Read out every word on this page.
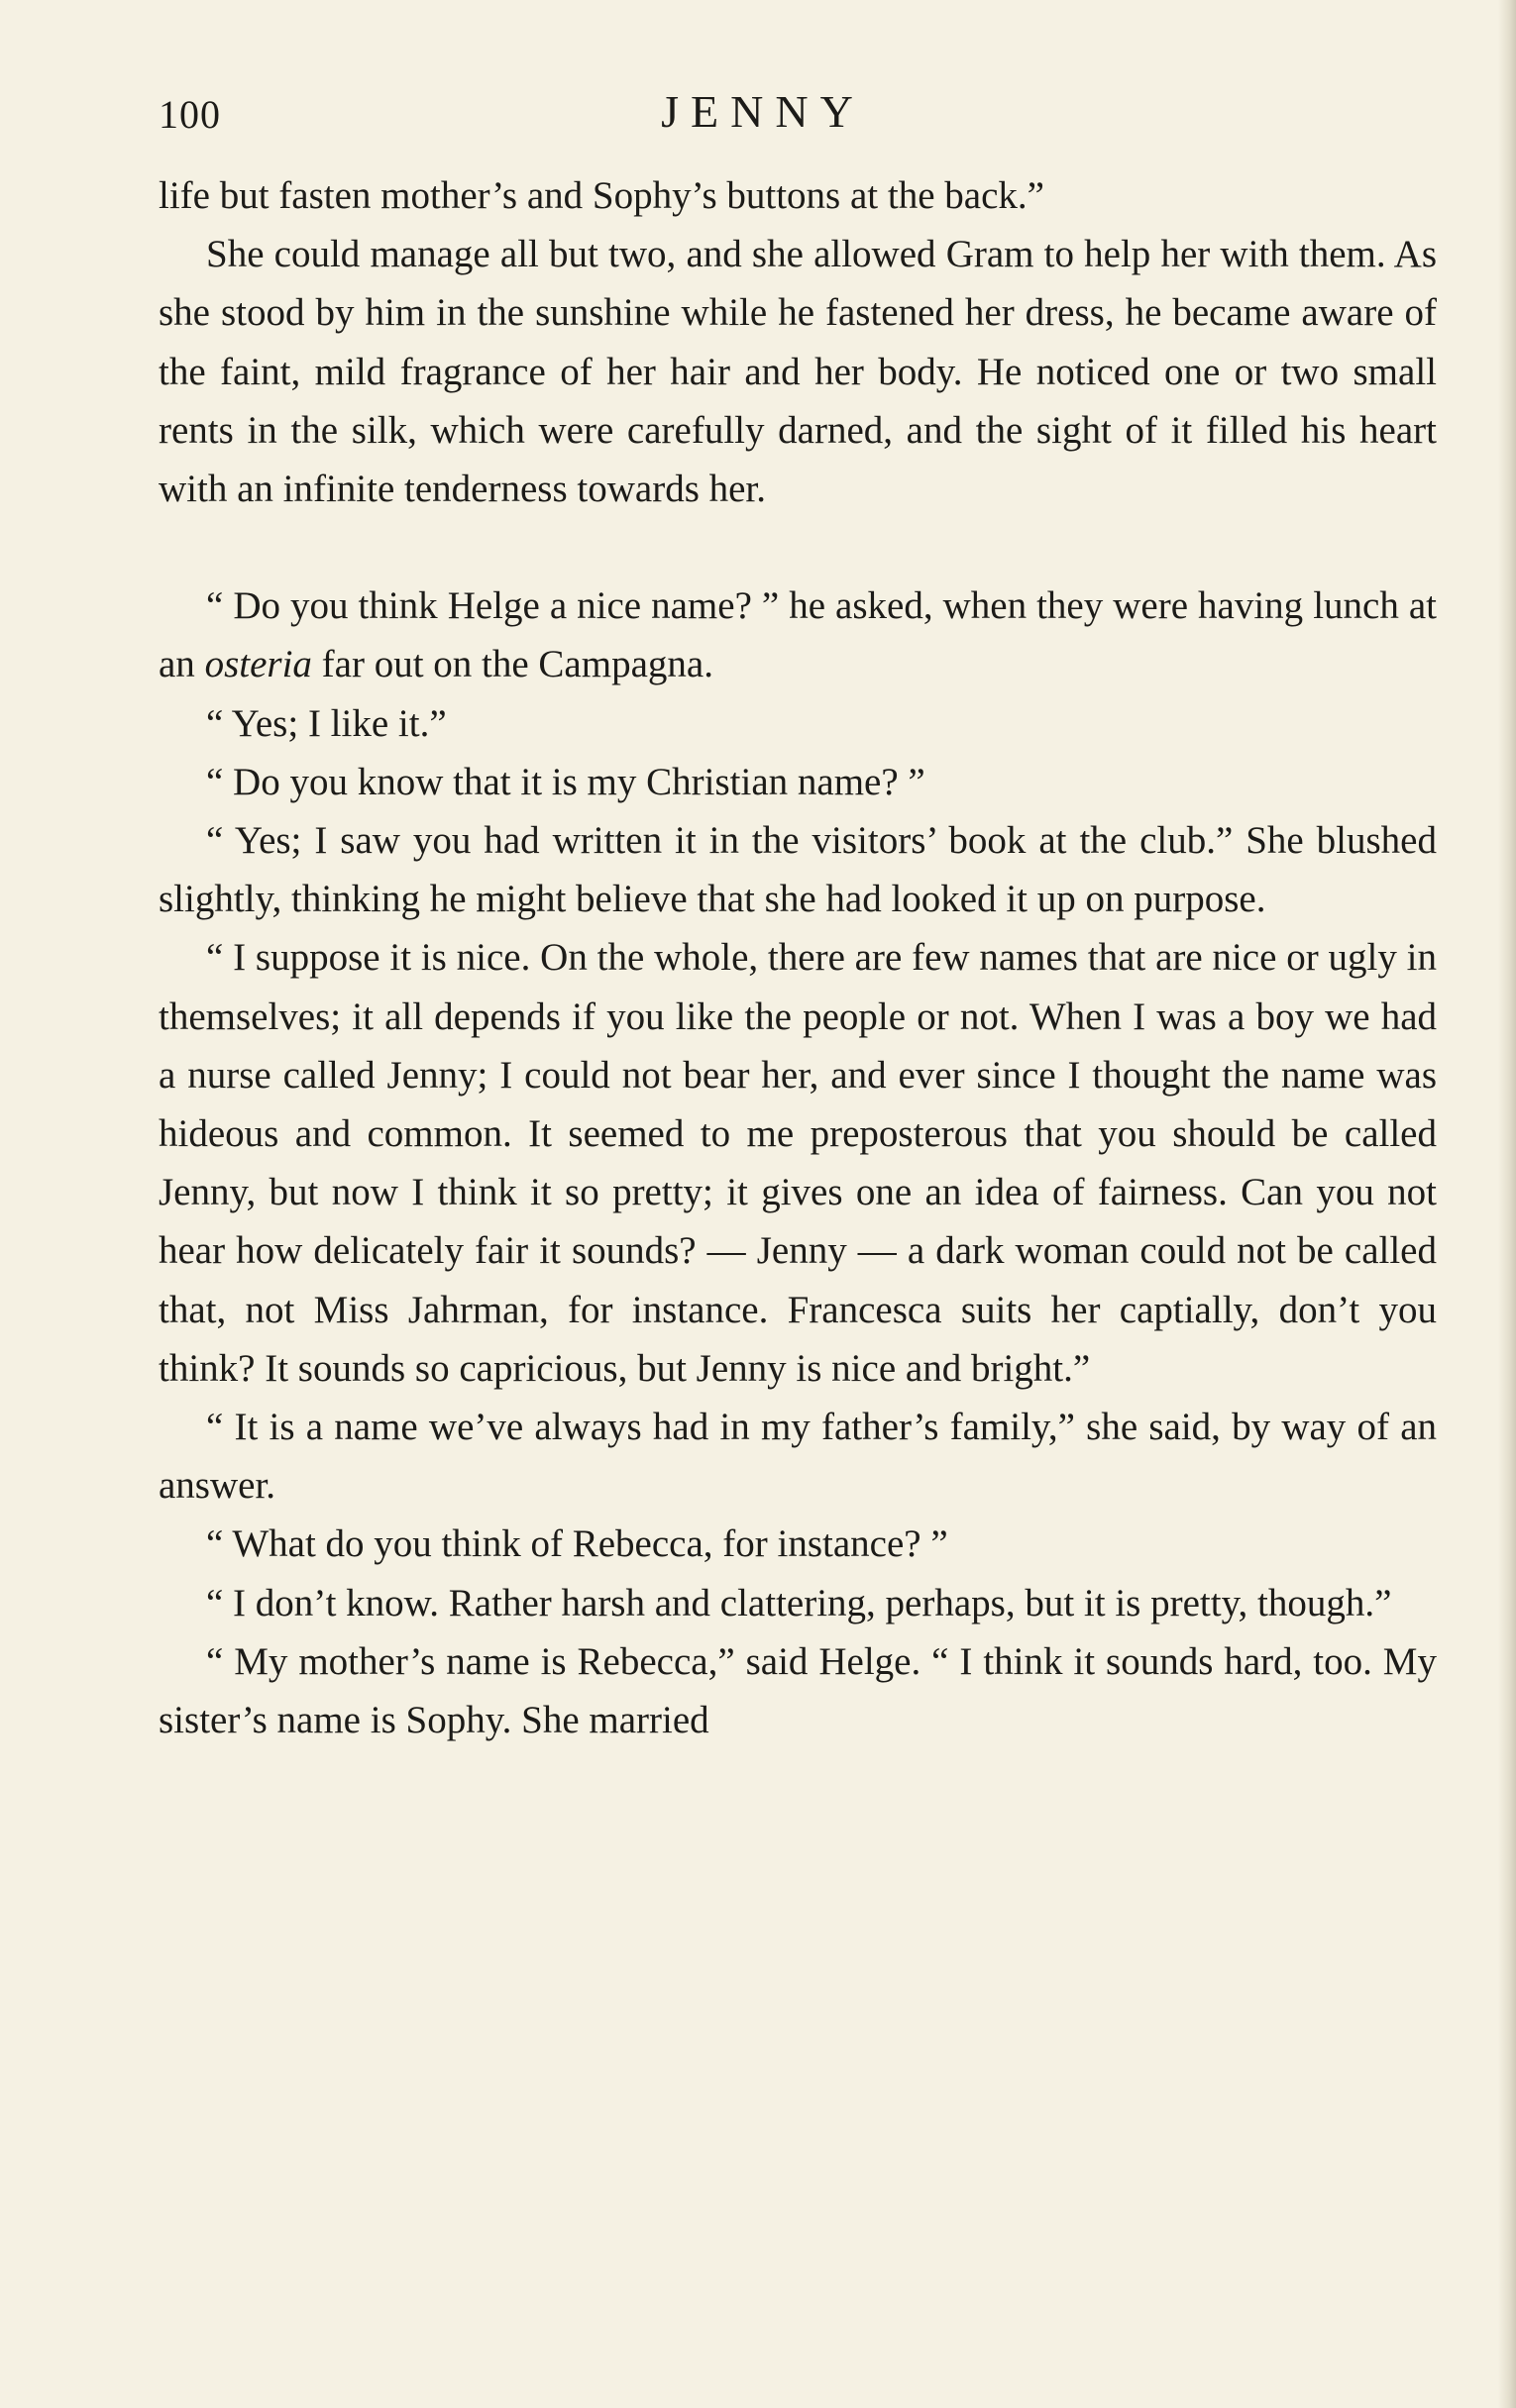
100	JENNY

life but fasten mother’s and Sophy’s buttons at the back.”

She could manage all but two, and she allowed Gram to help her with them. As she stood by him in the sunshine while he fastened her dress, he became aware of the faint, mild fragrance of her hair and her body. He noticed one or two small rents in the silk, which were carefully darned, and the sight of it filled his heart with an infinite tenderness towards her.

“ Do you think Helge a nice name? ” he asked, when they were having lunch at an osteria far out on the Campagna.

“ Yes; I like it.”

“ Do you know that it is my Christian name? ”

“ Yes; I saw you had written it in the visitors’ book at the club.” She blushed slightly, thinking he might believe that she had looked it up on purpose.

“ I suppose it is nice. On the whole, there are few names that are nice or ugly in themselves; it all depends if you like the people or not. When I was a boy we had a nurse called Jenny; I could not bear her, and ever since I thought the name was hideous and common. It seemed to me preposterous that you should be called Jenny, but now I think it so pretty; it gives one an idea of fairness. Can you not hear how delicately fair it sounds? — Jenny — a dark woman could not be called that, not Miss Jahrman, for instance. Francesca suits her captially, don’t you think? It sounds so capricious, but Jenny is nice and bright.”

“ It is a name we’ve always had in my father’s family,” she said, by way of an answer.

“ What do you think of Rebecca, for instance? ”

“ I don’t know. Rather harsh and clattering, perhaps, but it is pretty, though.”

“ My mother’s name is Rebecca,” said Helge. “ I think it sounds hard, too. My sister’s name is Sophy. She married
